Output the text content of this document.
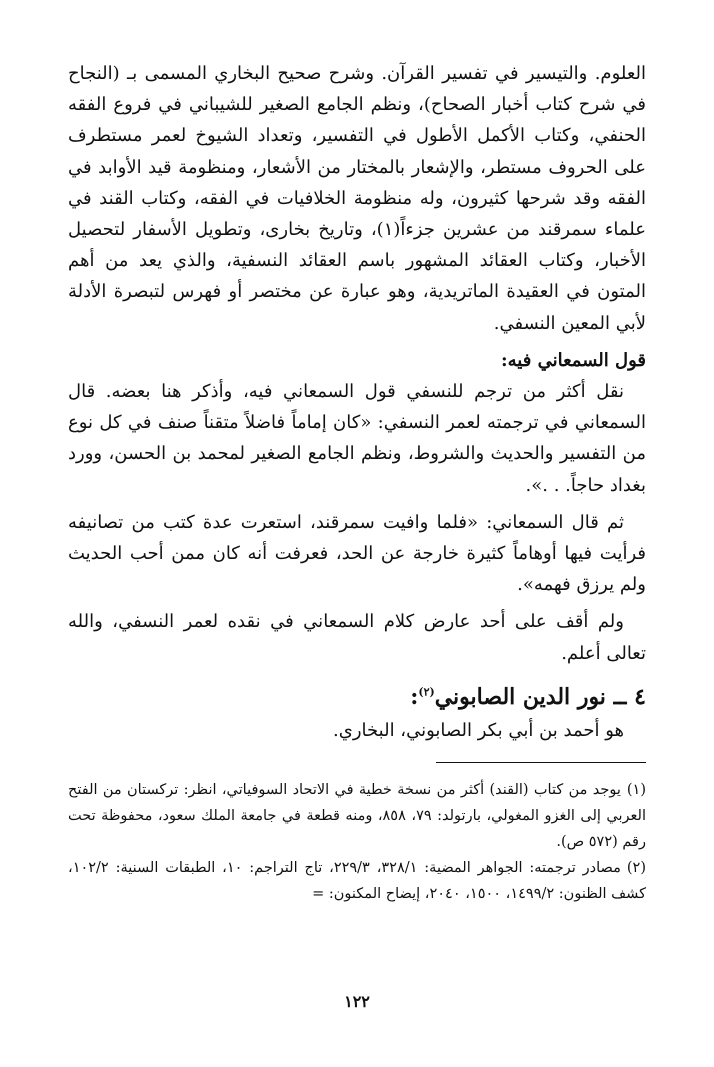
العلوم. والتيسير في تفسير القرآن. وشرح صحيح البخاري المسمى بـ (النجاح في شرح كتاب أخبار الصحاح)، ونظم الجامع الصغير للشيباني في فروع الفقه الحنفي، وكتاب الأكمل الأطول في التفسير، وتعداد الشيوخ لعمر مستطرف على الحروف مستطر، والإشعار بالمختار من الأشعار، ومنظومة قيد الأوابد في الفقه وقد شرحها كثيرون، وله منظومة الخلافيات في الفقه، وكتاب القند في علماء سمرقند من عشرين جزءاً(١)، وتاريخ بخارى، وتطويل الأسفار لتحصيل الأخبار، وكتاب العقائد المشهور باسم العقائد النسفية، والذي يعد من أهم المتون في العقيدة الماتريدية، وهو عبارة عن مختصر أو فهرس لتبصرة الأدلة لأبي المعين النسفي.

قول السمعاني فيه:

نقل أكثر من ترجم للنسفي قول السمعاني فيه، وأذكر هنا بعضه. قال السمعاني في ترجمته لعمر النسفي: «كان إماماً فاضلاً متقناً صنف في كل نوع من التفسير والحديث والشروط، ونظم الجامع الصغير لمحمد بن الحسن، وورد بغداد حاجاً. . .».

ثم قال السمعاني: «فلما وافيت سمرقند، استعرت عدة كتب من تصانيفه فرأيت فيها أوهاماً كثيرة خارجة عن الحد، فعرفت أنه كان ممن أحب الحديث ولم يرزق فهمه».

ولم أقف على أحد عارض كلام السمعاني في نقده لعمر النسفي، والله تعالى أعلم.

٤ ــ نور الدين الصابوني$^{(٢)}$:

هو أحمد بن أبي بكر الصابوني، البخاري.

(١)يوجد من كتاب (القند) أكثر من نسخة خطية في الاتحاد السوفياتي، انظر: تركستان من الفتح العربي إلى الغزو المغولي، بارتولد: ٧٩، ٨٥٨، ومنه قطعة في جامعة الملك سعود، محفوظة تحت رقم (٥٧٢ ص).

(٢)مصادر ترجمته: الجواهر المضية: ٣٢٨/١، ٢٢٩/٣، تاج التراجم: ١٠، الطبقات السنية: ١٠٢/٢، كشف الظنون: ١٤٩٩/٢، ١٥٠٠، ٢٠٤٠، إيضاح المكنون: =

١٢٢
